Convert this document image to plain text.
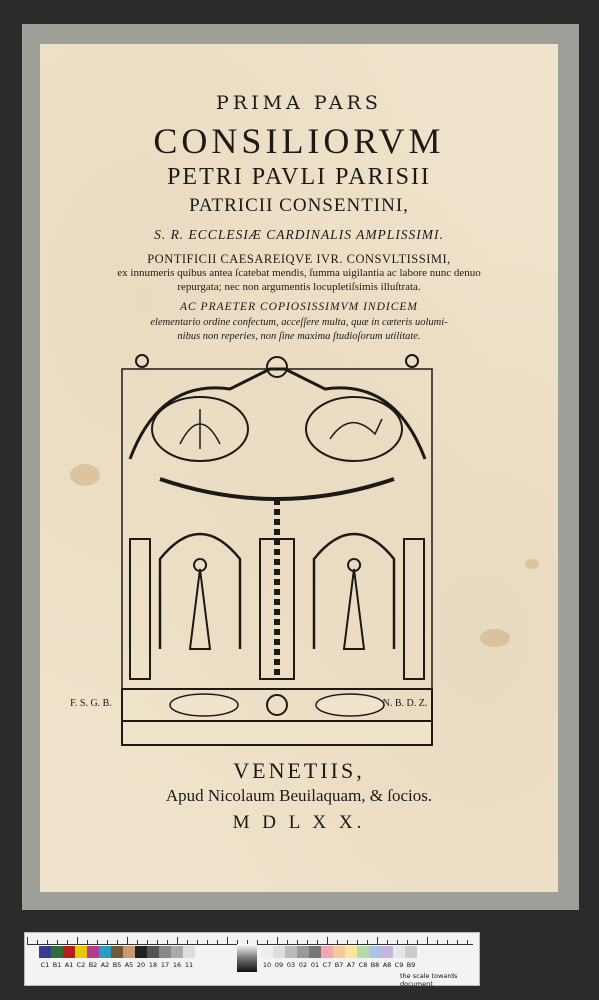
PRIMA PARS
CONSILIORVM
PETRI PAVLI PARISII
PATRICII CONSENTINI,
S. R. ECCLESIÆ CARDINALIS AMPLISSIMI.
PONTIFICII CAESAREIQVE IVR. CONSVLTISSIMI,
ex innumeris quibus antea ſcatebat mendis, ſumma uigilantia ac labore nunc denuo
repurgata; nec non argumentis locupletiſsimis illuſtrata.
AC PRAETER COPIOSISSIMVM INDICEM
elementario ordine confectum, acceſſere multa, quæ in cæteris uolumi-
nibus non reperies, non ſine maxima ſtudioſorum utilitate.
F. S. G. B.	N. B. D. Z.
VENETIIS,
Apud Nicolaum Beuilaquam, & ſocios.
M D L X X.
C1 B1 A1 C2 B2 A2 B5 A5 20 18 17 16 11	10 09 03 02 01 C7 B7 A7 C8 B8 A8 C9 B9
the scale towards document
